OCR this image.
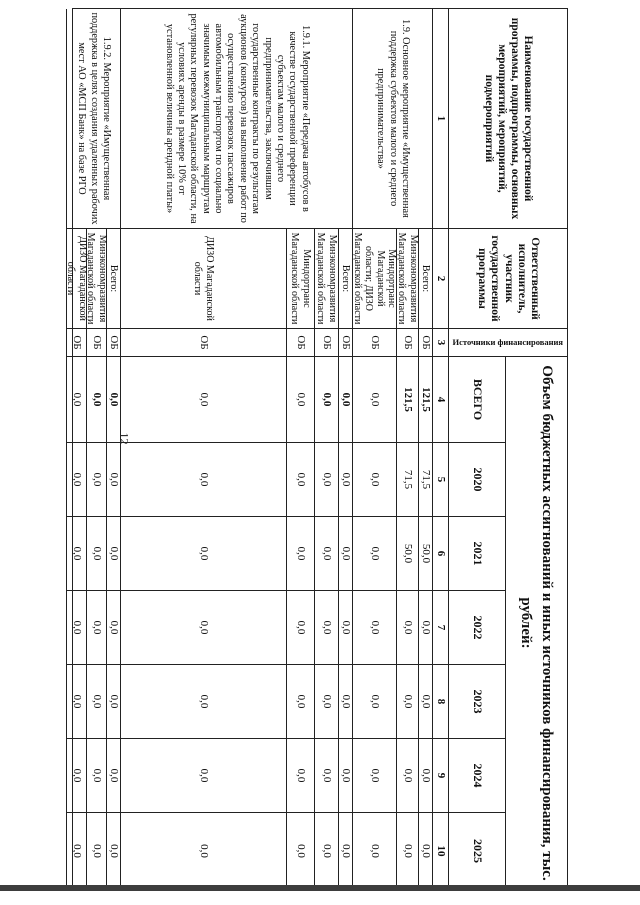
12
Наименование государственной программы, подпрограммы, основных мероприятий, мероприятий, подмероприятий
Ответственный исполнитель, участник государственной программы
Источники финансирования
Объем бюджетных ассигнований и иных источников финансирования, тыс. рублей:
ВСЕГО
2020
2021
2022
2023
2024
2025
1
2
3
4
5
6
7
8
9
10
1.9. Основное мероприятие «Имущественная поддержка субъектов малого и среднего предпринимательства»
Всего:
ОБ
121,5
71,5
50,0
0,0
0,0
0,0
0,0
Минэкономразвития Магаданской области
ОБ
121,5
71,5
50,0
0,0
0,0
0,0
0,0
Миндортранс Магаданской области; ДИЗО Магаданской области
ОБ
0,0
0,0
0,0
0,0
0,0
0,0
0,0
1.9.1. Мероприятие «Передача автобусов в качестве государственной преференции субъектам малого и среднего предпринимательства, заключившим государственные контракты по результатам аукционов (конкурсов) на выполнение работ по осуществлению перевозок пассажиров автомобильным транспортом по социально значимым межмуниципальным маршрутам регулярных перевозок Магаданской области, на условиях аренды в размере 10% от установленной величины арендной платы»
Всего:
ОБ
0,0
0,0
0,0
0,0
0,0
0,0
0,0
Минэкономразвития Магаданской области
ОБ
0,0
0,0
0,0
0,0
0,0
0,0
0,0
Миндортранс Магаданской области
ОБ
0,0
0,0
0,0
0,0
0,0
0,0
0,0
ДИЗО Магаданской области
ОБ
0,0
0,0
0,0
0,0
0,0
0,0
0,0
1.9.2. Мероприятие «Имущественная поддержка в целях создания удаленных рабочих мест АО «МСП Банк» на базе РГО
Всего:
ОБ
0,0
0,0
0,0
0,0
0,0
0,0
0,0
Минэкономразвития Магаданской области
ОБ
0,0
0,0
0,0
0,0
0,0
0,0
0,0
ДИЗО Магаданской области
ОБ
0,0
0,0
0,0
0,0
0,0
0,0
0,0
